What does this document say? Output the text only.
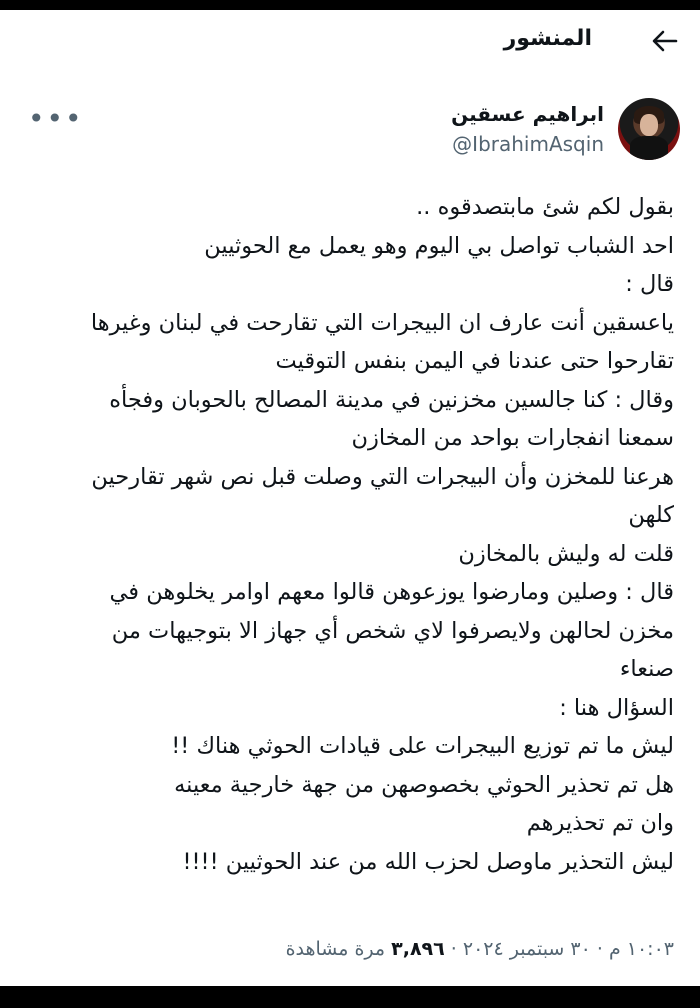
المنشور
ابراهيم عسقين
@IbrahimAsqin
•••
بقول لكم شئ مابتصدقوه ..
احد الشباب تواصل بي اليوم وهو يعمل مع الحوثيين
قال :
ياعسقين أنت عارف ان البيجرات التي تقارحت في لبنان وغيرها
تقارحوا حتى عندنا في اليمن بنفس التوقيت
وقال : كنا جالسين مخزنين في مدينة المصالح بالحوبان وفجأه
سمعنا انفجارات بواحد من المخازن
هرعنا للمخزن وأن البيجرات التي وصلت قبل نص شهر تقارحين
كلهن
قلت له وليش بالمخازن
قال : وصلين ومارضوا يوزعوهن قالوا معهم اوامر يخلوهن في
مخزن لحالهن ولايصرفوا لاي شخص أي جهاز الا بتوجيهات من
صنعاء
السؤال هنا :
ليش ما تم توزيع البيجرات على قيادات الحوثي هناك !!
هل تم تحذير الحوثي بخصوصهن من جهة خارجية معينه
وان تم تحذيرهم
ليش التحذير ماوصل لحزب الله من عند الحوثيين !!!!
١٠:٠٣ م · ٣٠ سبتمبر ٢٠٢٤ · ٣,٨٩٦ مرة مشاهدة
